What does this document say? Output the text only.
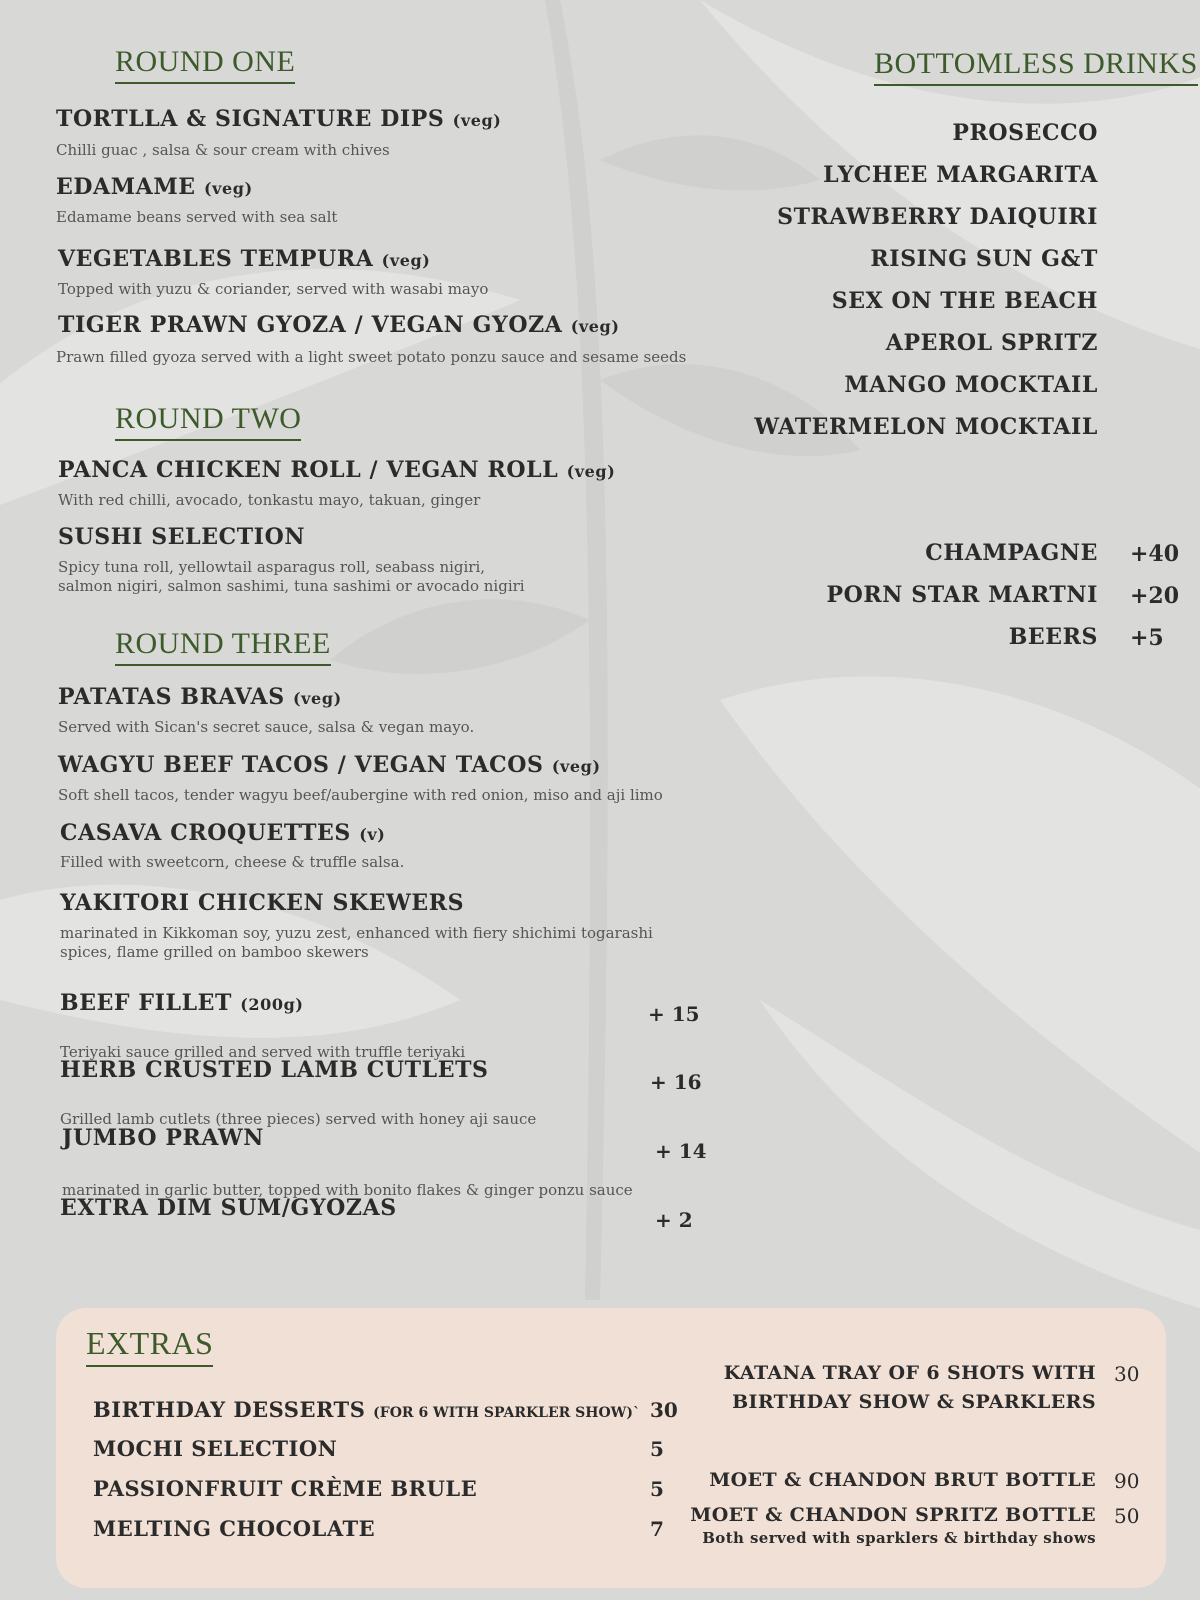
ROUND ONE
TORTLLA & SIGNATURE DIPS (veg)
Chilli guac , salsa & sour cream with chives
EDAMAME (veg)
Edamame beans served with sea salt
VEGETABLES TEMPURA (veg)
Topped with yuzu & coriander, served with wasabi mayo
TIGER PRAWN GYOZA / VEGAN GYOZA (veg)
Prawn filled gyoza served with a light sweet potato ponzu sauce and sesame seeds
ROUND TWO
PANCA CHICKEN ROLL / VEGAN ROLL (veg)
With red chilli, avocado, tonkastu mayo, takuan, ginger
SUSHI SELECTION
Spicy tuna roll, yellowtail asparagus roll, seabass nigiri,
salmon nigiri, salmon sashimi, tuna sashimi or avocado nigiri
ROUND THREE
PATATAS BRAVAS (veg)
Served with Sican's secret sauce, salsa & vegan mayo.
WAGYU BEEF TACOS / VEGAN TACOS (veg)
Soft shell tacos, tender wagyu beef/aubergine with red onion, miso and aji limo
CASAVA CROQUETTES (v)
Filled with sweetcorn, cheese & truffle salsa.
YAKITORI CHICKEN SKEWERS
marinated in Kikkoman soy, yuzu zest, enhanced with fiery shichimi togarashi
spices, flame grilled on bamboo skewers
BEEF FILLET (200g)	+ 15
Teriyaki sauce grilled and served with truffle teriyaki
HERB CRUSTED LAMB CUTLETS	+ 16
Grilled lamb cutlets (three pieces) served with honey aji sauce
JUMBO PRAWN	+ 14
marinated in garlic butter, topped with bonito flakes & ginger ponzu sauce
EXTRA DIM SUM/GYOZAS	+ 2
BOTTOMLESS DRINKS
PROSECCO
LYCHEE MARGARITA
STRAWBERRY DAIQUIRI
RISING SUN G&T
SEX ON THE BEACH
APEROL SPRITZ
MANGO MOCKTAIL
WATERMELON MOCKTAIL
CHAMPAGNE +40
PORN STAR MARTNI +20
BEERS +5
EXTRAS
BIRTHDAY DESSERTS (FOR 6 WITH SPARKLER SHOW)` 30
MOCHI SELECTION	5
PASSIONFRUIT CRÈME BRULE	5
MELTING CHOCOLATE	7
KATANA TRAY OF 6 SHOTS WITH
BIRTHDAY SHOW & SPARKLERS
30
MOET & CHANDON BRUT BOTTLE 90
MOET & CHANDON SPRITZ BOTTLE 50
Both served with sparklers & birthday shows
